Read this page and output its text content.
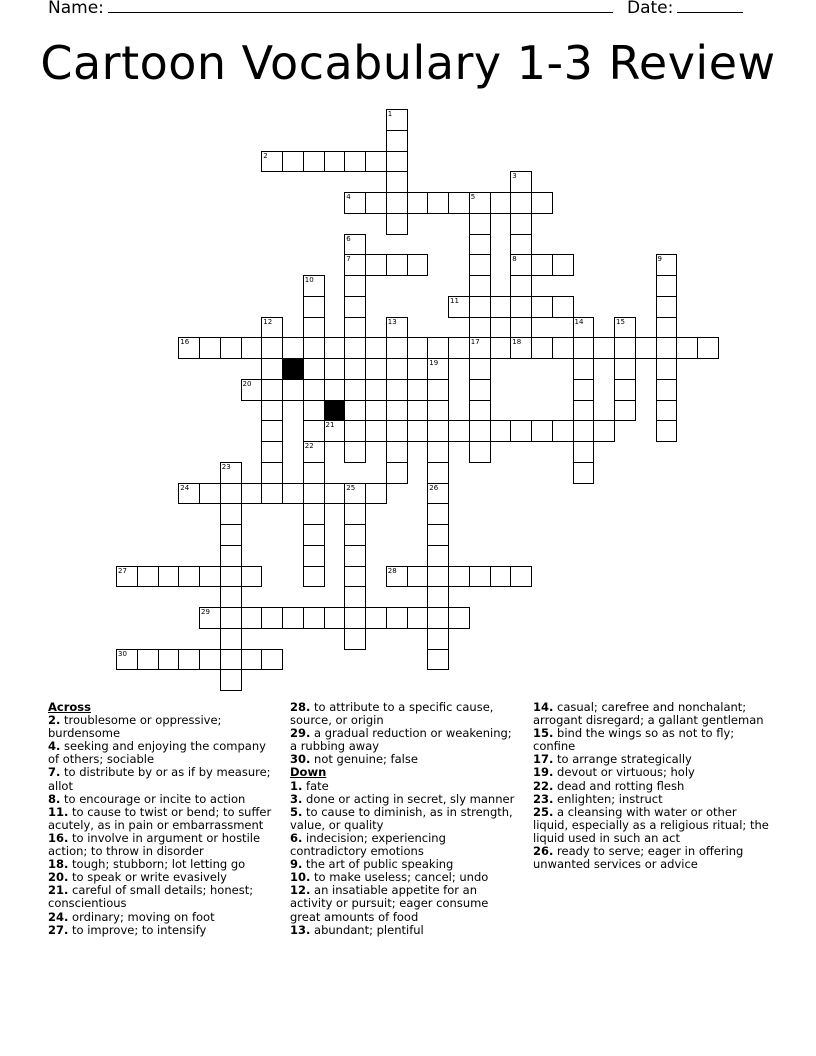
Name:	Date:
Cartoon Vocabulary 1-3 Review
1
2
3
4	5
6
7	8	9
10
11
12	13	14	15
16	17	18
19
20
21
22
23
24	25	26
27	28
29
30
Across
2. troublesome or oppressive; burdensome
4. seeking and enjoying the company of others; sociable
7. to distribute by or as if by measure; allot
8. to encourage or incite to action
11. to cause to twist or bend; to suffer acutely, as in pain or embarrassment
16. to involve in argument or hostile action; to throw in disorder
18. tough; stubborn; lot letting go
20. to speak or write evasively
21. careful of small details; honest; conscientious
24. ordinary; moving on foot
27. to improve; to intensify
28. to attribute to a specific cause, source, or origin
29. a gradual reduction or weakening; a rubbing away
30. not genuine; false
Down
1. fate
3. done or acting in secret, sly manner
5. to cause to diminish, as in strength, value, or quality
6. indecision; experiencing contradictory emotions
9. the art of public speaking
10. to make useless; cancel; undo
12. an insatiable appetite for an activity or pursuit; eager consume great amounts of food
13. abundant; plentiful
14. casual; carefree and nonchalant; arrogant disregard; a gallant gentleman
15. bind the wings so as not to fly; confine
17. to arrange strategically
19. devout or virtuous; holy
22. dead and rotting flesh
23. enlighten; instruct
25. a cleansing with water or other liquid, especially as a religious ritual; the liquid used in such an act
26. ready to serve; eager in offering unwanted services or advice
